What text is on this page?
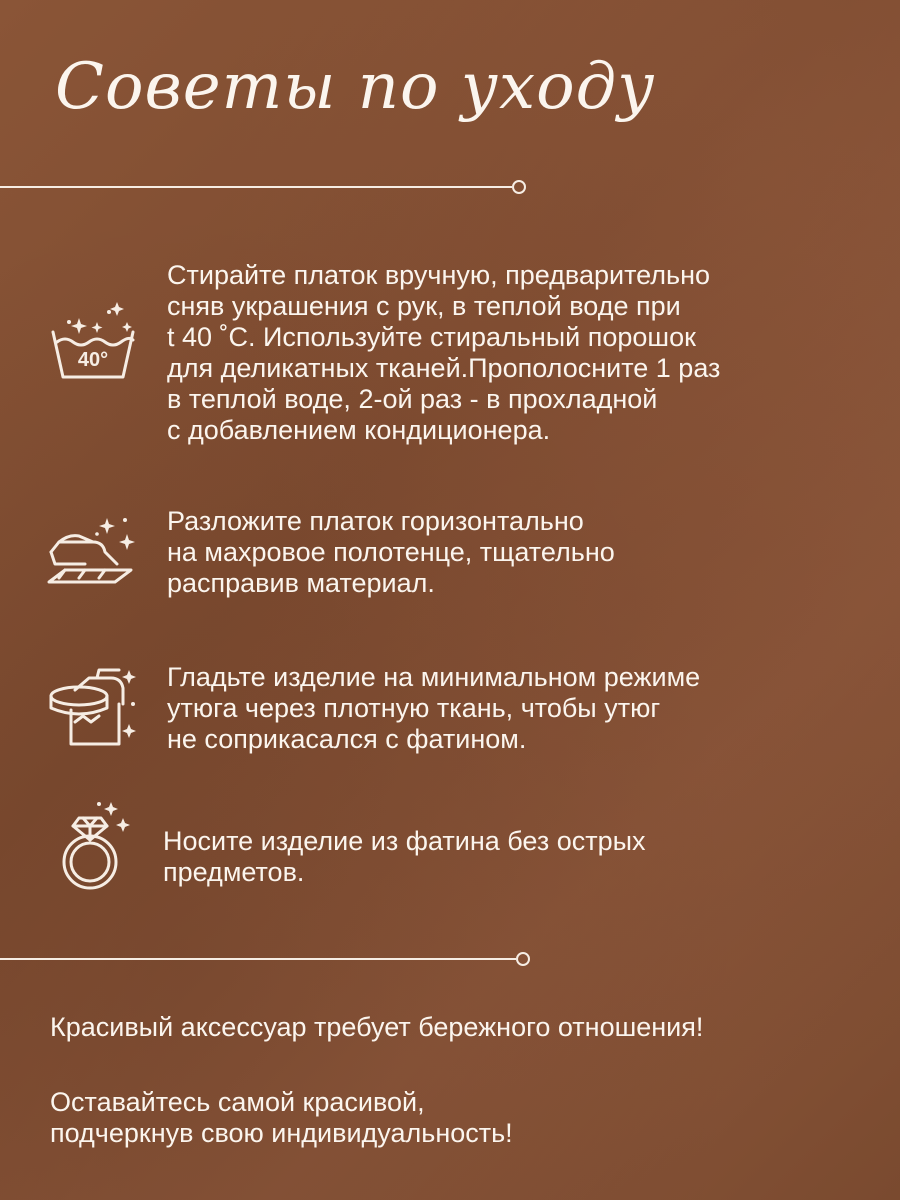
Советы по уходу
40°
Стирайте платок вручную, предварительно
сняв украшения с рук, в теплой воде при
t 40 ˚С. Используйте стиральный порошок
для деликатных тканей.Прополосните 1 раз
в теплой воде, 2-ой раз - в прохладной
с добавлением кондиционера.
Разложите платок горизонтально
на махровое полотенце, тщательно
расправив материал.
Гладьте изделие на минимальном режиме
утюга через плотную ткань, чтобы утюг
не соприкасался с фатином.
Носите изделие из фатина без острых
предметов.
Красивый аксессуар требует бережного отношения!
Оставайтесь самой красивой,
подчеркнув свою индивидуальность!
